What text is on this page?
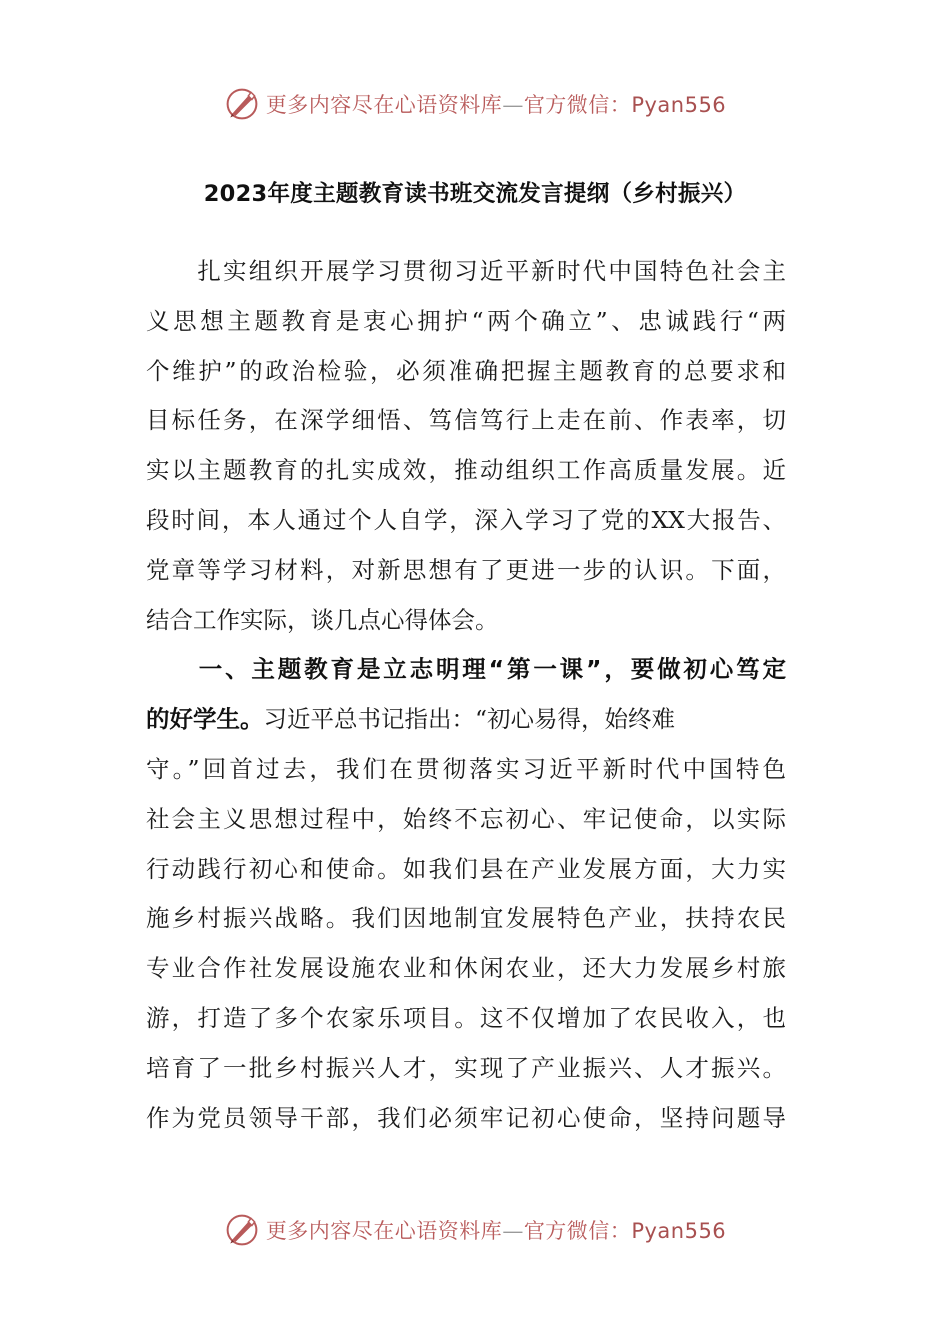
更多内容尽在心语资料库—官方微信：Pyan556
2023年度主题教育读书班交流发言提纲（乡村振兴）
　　扎实组织开展学习贯彻习近平新时代中国特色社会主
义思想主题教育是衷心拥护“两个确立”、忠诚践行“两
个维护”的政治检验，必须准确把握主题教育的总要求和
目标任务，在深学细悟、笃信笃行上走在前、作表率，切
实以主题教育的扎实成效，推动组织工作高质量发展。近
段时间，本人通过个人自学，深入学习了党的XX大报告、
党章等学习材料，对新思想有了更进一步的认识。下面，
结合工作实际，谈几点心得体会。
　　一、主题教育是立志明理“第一课”，要做初心笃定
的好学生。习近平总书记指出：“初心易得，始终难
守。”回首过去，我们在贯彻落实习近平新时代中国特色
社会主义思想过程中，始终不忘初心、牢记使命，以实际
行动践行初心和使命。如我们县在产业发展方面，大力实
施乡村振兴战略。我们因地制宜发展特色产业，扶持农民
专业合作社发展设施农业和休闲农业，还大力发展乡村旅
游，打造了多个农家乐项目。这不仅增加了农民收入，也
培育了一批乡村振兴人才，实现了产业振兴、人才振兴。
作为党员领导干部，我们必须牢记初心使命，坚持问题导
更多内容尽在心语资料库—官方微信：Pyan556
